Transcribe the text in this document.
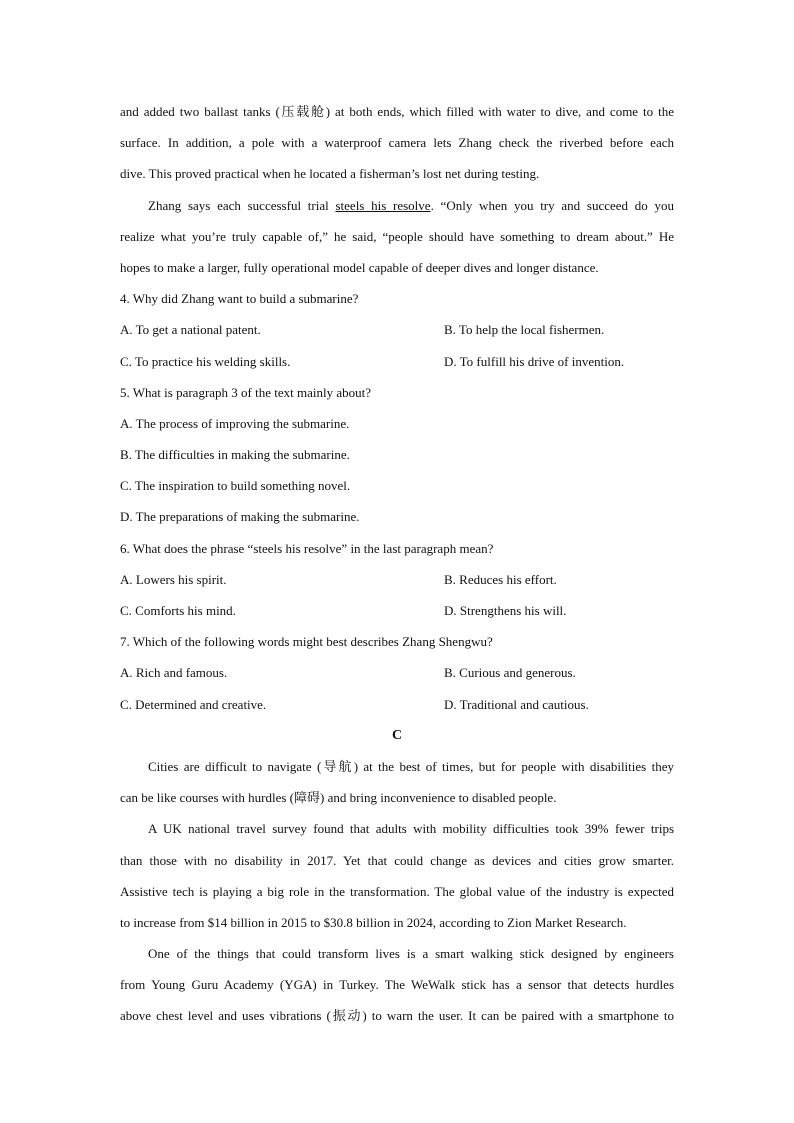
and added two ballast tanks (压载舱) at both ends, which filled with water to dive, and come to the
surface. In addition, a pole with a waterproof camera lets Zhang check the riverbed before each
dive. This proved practical when he located a fisherman’s lost net during testing.
Zhang says each successful trial steels his resolve. “Only when you try and succeed do you
realize what you’re truly capable of,” he said, “people should have something to dream about.” He
hopes to make a larger, fully operational model capable of deeper dives and longer distance.
4. Why did Zhang want to build a submarine?
A. To get a national patent.	B. To help the local fishermen.
C. To practice his welding skills.	D. To fulfill his drive of invention.
5. What is paragraph 3 of the text mainly about?
A. The process of improving the submarine.
B. The difficulties in making the submarine.
C. The inspiration to build something novel.
D. The preparations of making the submarine.
6. What does the phrase “steels his resolve” in the last paragraph mean?
A. Lowers his spirit.	B. Reduces his effort.
C. Comforts his mind.	D. Strengthens his will.
7. Which of the following words might best describes Zhang Shengwu?
A. Rich and famous.	B. Curious and generous.
C. Determined and creative.	D. Traditional and cautious.
C
Cities are difficult to navigate (导航) at the best of times, but for people with disabilities they
can be like courses with hurdles (障碍) and bring inconvenience to disabled people.
A UK national travel survey found that adults with mobility difficulties took 39% fewer trips
than those with no disability in 2017. Yet that could change as devices and cities grow smarter.
Assistive tech is playing a big role in the transformation. The global value of the industry is expected
to increase from $14 billion in 2015 to $30.8 billion in 2024, according to Zion Market Research.
One of the things that could transform lives is a smart walking stick designed by engineers
from Young Guru Academy (YGA) in Turkey. The WeWalk stick has a sensor that detects hurdles
above chest level and uses vibrations (振动) to warn the user. It can be paired with a smartphone to
